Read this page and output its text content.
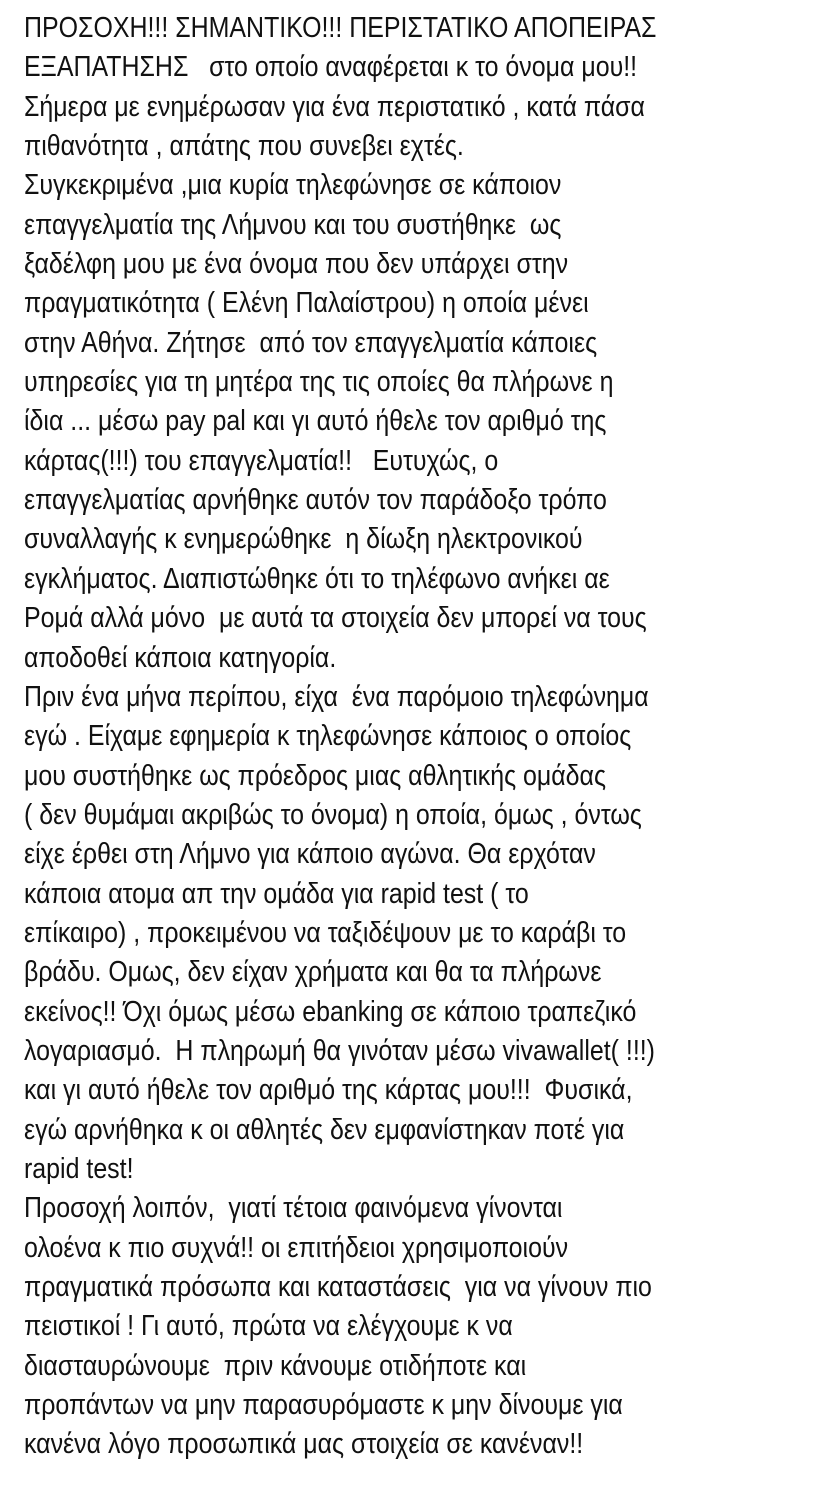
ΠΡΟΣΟΧΗ!!! ΣΗΜΑΝΤΙΚΟ!!! ΠΕΡΙΣΤΑΤΙΚΟ ΑΠΟΠΕΙΡΑΣ
ΕΞΑΠΑΤΗΣΗΣ   στο οποίο αναφέρεται κ το όνομα μου!!
Σήμερα με ενημέρωσαν για ένα περιστατικό , κατά πάσα
πιθανότητα , απάτης που συνεβει εχτές.
Συγκεκριμένα ,μια κυρία τηλεφώνησε σε κάποιον
επαγγελματία της Λήμνου και του συστήθηκε  ως
ξαδέλφη μου με ένα όνομα που δεν υπάρχει στην
πραγματικότητα ( Ελένη Παλαίστρου) η οποία μένει
στην Αθήνα. Ζήτησε  από τον επαγγελματία κάποιες
υπηρεσίες για τη μητέρα της τις οποίες θα πλήρωνε η
ίδια ... μέσω pay pal και γι αυτό ήθελε τον αριθμό της
κάρτας(!!!) του επαγγελματία!!   Ευτυχώς, ο
επαγγελματίας αρνήθηκε αυτόν τον παράδοξο τρόπο
συναλλαγής κ ενημερώθηκε  η δίωξη ηλεκτρονικού
εγκλήματος. Διαπιστώθηκε ότι το τηλέφωνο ανήκει αε
Ρομά αλλά μόνο  με αυτά τα στοιχεία δεν μπορεί να τους
αποδοθεί κάποια κατηγορία.
Πριν ένα μήνα περίπου, είχα  ένα παρόμοιο τηλεφώνημα
εγώ . Είχαμε εφημερία κ τηλεφώνησε κάποιος ο οποίος
μου συστήθηκε ως πρόεδρος μιας αθλητικής ομάδας
( δεν θυμάμαι ακριβώς το όνομα) η οποία, όμως , όντως
είχε έρθει στη Λήμνο για κάποιο αγώνα. Θα ερχόταν
κάποια ατομα απ την ομάδα για rapid test ( το
επίκαιρο) , προκειμένου να ταξιδέψουν με το καράβι το
βράδυ. Ομως, δεν είχαν χρήματα και θα τα πλήρωνε
εκείνος!! Όχι όμως μέσω ebanking σε κάποιο τραπεζικό
λογαριασμό.  Η πληρωμή θα γινόταν μέσω vivawallet( !!!)
και γι αυτό ήθελε τον αριθμό της κάρτας μου!!!  Φυσικά,
εγώ αρνήθηκα κ οι αθλητές δεν εμφανίστηκαν ποτέ για
rapid test!
Προσοχή λοιπόν,  γιατί τέτοια φαινόμενα γίνονται
ολοένα κ πιο συχνά!! οι επιτήδειοι χρησιμοποιούν
πραγματικά πρόσωπα και καταστάσεις  για να γίνουν πιο
πειστικοί ! Γι αυτό, πρώτα να ελέγχουμε κ να
διασταυρώνουμε  πριν κάνουμε οτιδήποτε και
προπάντων να μην παρασυρόμαστε κ μην δίνουμε για
κανένα λόγο προσωπικά μας στοιχεία σε κανέναν!!
